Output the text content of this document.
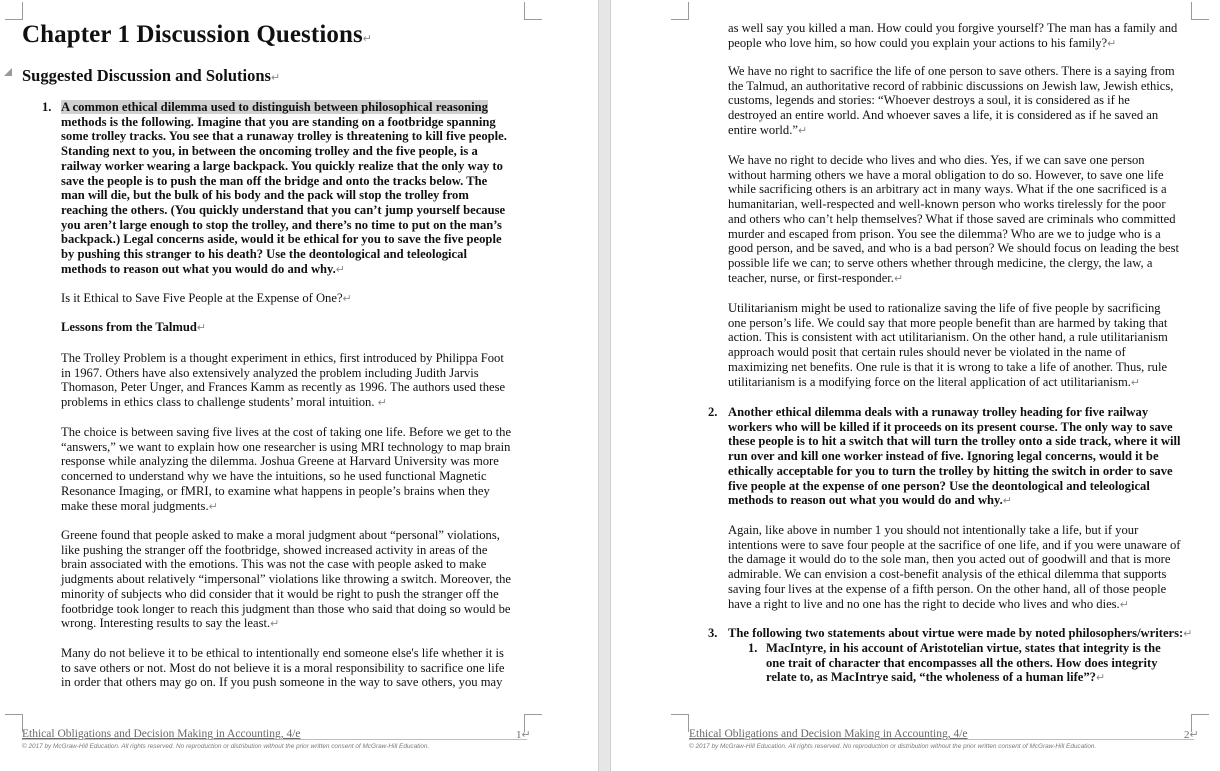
Chapter 1 Discussion Questions↵
Suggested Discussion and Solutions↵
1. A common ethical dilemma used to distinguish between philosophical reasoning
methods is the following. Imagine that you are standing on a footbridge spanning
some trolley tracks. You see that a runaway trolley is threatening to kill five people.
Standing next to you, in between the oncoming trolley and the five people, is a
railway worker wearing a large backpack. You quickly realize that the only way to
save the people is to push the man off the bridge and onto the tracks below. The
man will die, but the bulk of his body and the pack will stop the trolley from
reaching the others. (You quickly understand that you can’t jump yourself because
you aren’t large enough to stop the trolley, and there’s no time to put on the man’s
backpack.) Legal concerns aside, would it be ethical for you to save the five people
by pushing this stranger to his death? Use the deontological and teleological
methods to reason out what you would do and why.↵
Is it Ethical to Save Five People at the Expense of One?↵
Lessons from the Talmud↵
The Trolley Problem is a thought experiment in ethics, first introduced by Philippa Foot
in 1967. Others have also extensively analyzed the problem including Judith Jarvis
Thomason, Peter Unger, and Frances Kamm as recently as 1996. The authors used these
problems in ethics class to challenge students’ moral intuition. ↵
The choice is between saving five lives at the cost of taking one life. Before we get to the
“answers,” we want to explain how one researcher is using MRI technology to map brain
response while analyzing the dilemma. Joshua Greene at Harvard University was more
concerned to understand why we have the intuitions, so he used functional Magnetic
Resonance Imaging, or fMRI, to examine what happens in people’s brains when they
make these moral judgments.↵
Greene found that people asked to make a moral judgment about “personal” violations,
like pushing the stranger off the footbridge, showed increased activity in areas of the
brain associated with the emotions. This was not the case with people asked to make
judgments about relatively “impersonal” violations like throwing a switch. Moreover, the
minority of subjects who did consider that it would be right to push the stranger off the
footbridge took longer to reach this judgment than those who said that doing so would be
wrong. Interesting results to say the least.↵
Many do not believe it to be ethical to intentionally end someone else's life whether it is
to save others or not. Most do not believe it is a moral responsibility to sacrifice one life
in order that others may go on. If you push someone in the way to save others, you may
Ethical Obligations and Decision Making in Accounting, 4/e	1↵
© 2017 by McGraw-Hill Education. All rights reserved. No reproduction or distribution without the prior written consent of McGraw-Hill Education.
as well say you killed a man. How could you forgive yourself? The man has a family and
people who love him, so how could you explain your actions to his family?↵
We have no right to sacrifice the life of one person to save others. There is a saying from
the Talmud, an authoritative record of rabbinic discussions on Jewish law, Jewish ethics,
customs, legends and stories: “Whoever destroys a soul, it is considered as if he
destroyed an entire world. And whoever saves a life, it is considered as if he saved an
entire world.”↵
We have no right to decide who lives and who dies. Yes, if we can save one person
without harming others we have a moral obligation to do so. However, to save one life
while sacrificing others is an arbitrary act in many ways. What if the one sacrificed is a
humanitarian, well-respected and well-known person who works tirelessly for the poor
and others who can’t help themselves? What if those saved are criminals who committed
murder and escaped from prison. You see the dilemma? Who are we to judge who is a
good person, and be saved, and who is a bad person? We should focus on leading the best
possible life we can; to serve others whether through medicine, the clergy, the law, a
teacher, nurse, or first-responder.↵
Utilitarianism might be used to rationalize saving the life of five people by sacrificing
one person’s life. We could say that more people benefit than are harmed by taking that
action. This is consistent with act utilitarianism. On the other hand, a rule utilitarianism
approach would posit that certain rules should never be violated in the name of
maximizing net benefits. One rule is that it is wrong to take a life of another. Thus, rule
utilitarianism is a modifying force on the literal application of act utilitarianism.↵
2. Another ethical dilemma deals with a runaway trolley heading for five railway
workers who will be killed if it proceeds on its present course. The only way to save
these people is to hit a switch that will turn the trolley onto a side track, where it will
run over and kill one worker instead of five. Ignoring legal concerns, would it be
ethically acceptable for you to turn the trolley by hitting the switch in order to save
five people at the expense of one person? Use the deontological and teleological
methods to reason out what you would do and why.↵
Again, like above in number 1 you should not intentionally take a life, but if your
intentions were to save four people at the sacrifice of one life, and if you were unaware of
the damage it would do to the sole man, then you acted out of goodwill and that is more
admirable. We can envision a cost-benefit analysis of the ethical dilemma that supports
saving four lives at the expense of a fifth person. On the other hand, all of those people
have a right to live and no one has the right to decide who lives and who dies.↵
3. The following two statements about virtue were made by noted philosophers/writers:↵
1. MacIntyre, in his account of Aristotelian virtue, states that integrity is the
one trait of character that encompasses all the others. How does integrity
relate to, as MacIntrye said, “the wholeness of a human life”?↵
Ethical Obligations and Decision Making in Accounting, 4/e	2↵
© 2017 by McGraw-Hill Education. All rights reserved. No reproduction or distribution without the prior written consent of McGraw-Hill Education.
